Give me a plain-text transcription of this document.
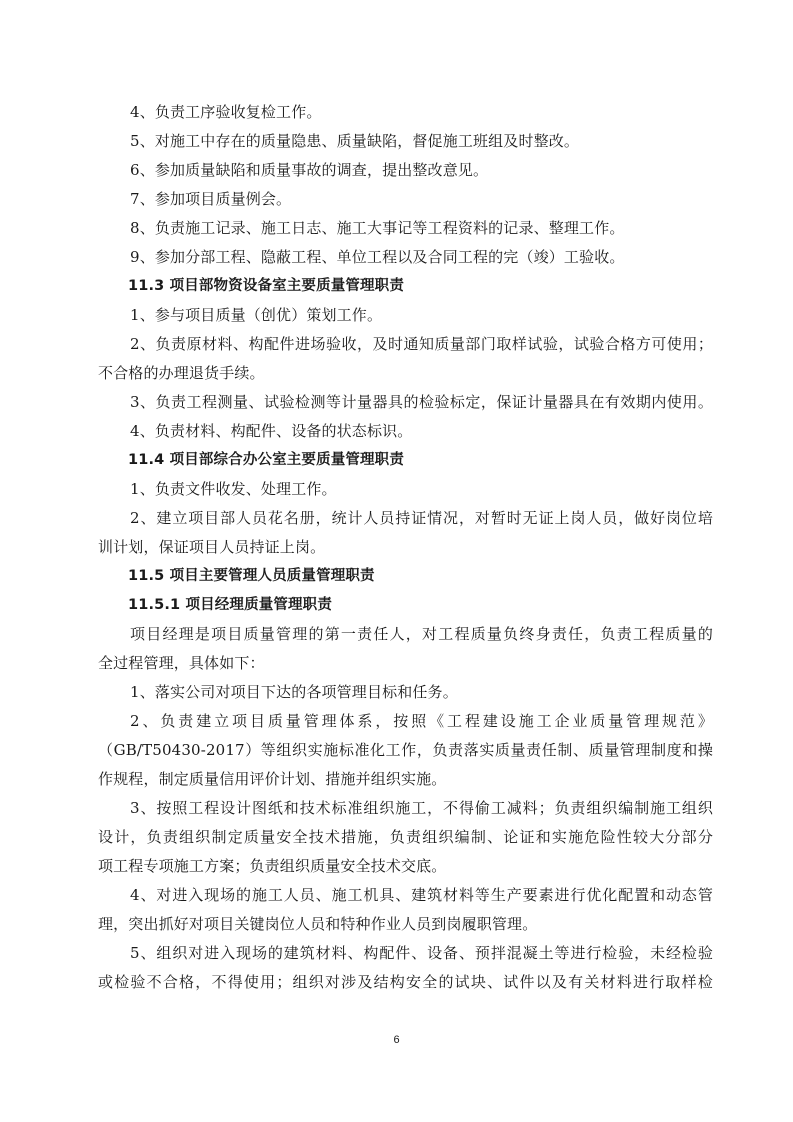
4、负责工序验收复检工作。
5、对施工中存在的质量隐患、质量缺陷，督促施工班组及时整改。
6、参加质量缺陷和质量事故的调查，提出整改意见。
7、参加项目质量例会。
8、负责施工记录、施工日志、施工大事记等工程资料的记录、整理工作。
9、参加分部工程、隐蔽工程、单位工程以及合同工程的完（竣）工验收。
11.3 项目部物资设备室主要质量管理职责
1、参与项目质量（创优）策划工作。
2、负责原材料、构配件进场验收，及时通知质量部门取样试验，试验合格方可使用；
不合格的办理退货手续。
3、负责工程测量、试验检测等计量器具的检验标定，保证计量器具在有效期内使用。
4、负责材料、构配件、设备的状态标识。
11.4 项目部综合办公室主要质量管理职责
1、负责文件收发、处理工作。
2、建立项目部人员花名册，统计人员持证情况，对暂时无证上岗人员，做好岗位培
训计划，保证项目人员持证上岗。
11.5 项目主要管理人员质量管理职责
11.5.1 项目经理质量管理职责
项目经理是项目质量管理的第一责任人，对工程质量负终身责任，负责工程质量的
全过程管理，具体如下：
1、落实公司对项目下达的各项管理目标和任务。
2、负责建立项目质量管理体系，按照《工程建设施工企业质量管理规范》
（GB/T50430-2017）等组织实施标准化工作，负责落实质量责任制、质量管理制度和操
作规程，制定质量信用评价计划、措施并组织实施。
3、按照工程设计图纸和技术标准组织施工，不得偷工减料；负责组织编制施工组织
设计，负责组织制定质量安全技术措施，负责组织编制、论证和实施危险性较大分部分
项工程专项施工方案；负责组织质量安全技术交底。
4、对进入现场的施工人员、施工机具、建筑材料等生产要素进行优化配置和动态管
理，突出抓好对项目关键岗位人员和特种作业人员到岗履职管理。
5、组织对进入现场的建筑材料、构配件、设备、预拌混凝土等进行检验，未经检验
或检验不合格，不得使用；组织对涉及结构安全的试块、试件以及有关材料进行取样检
6
